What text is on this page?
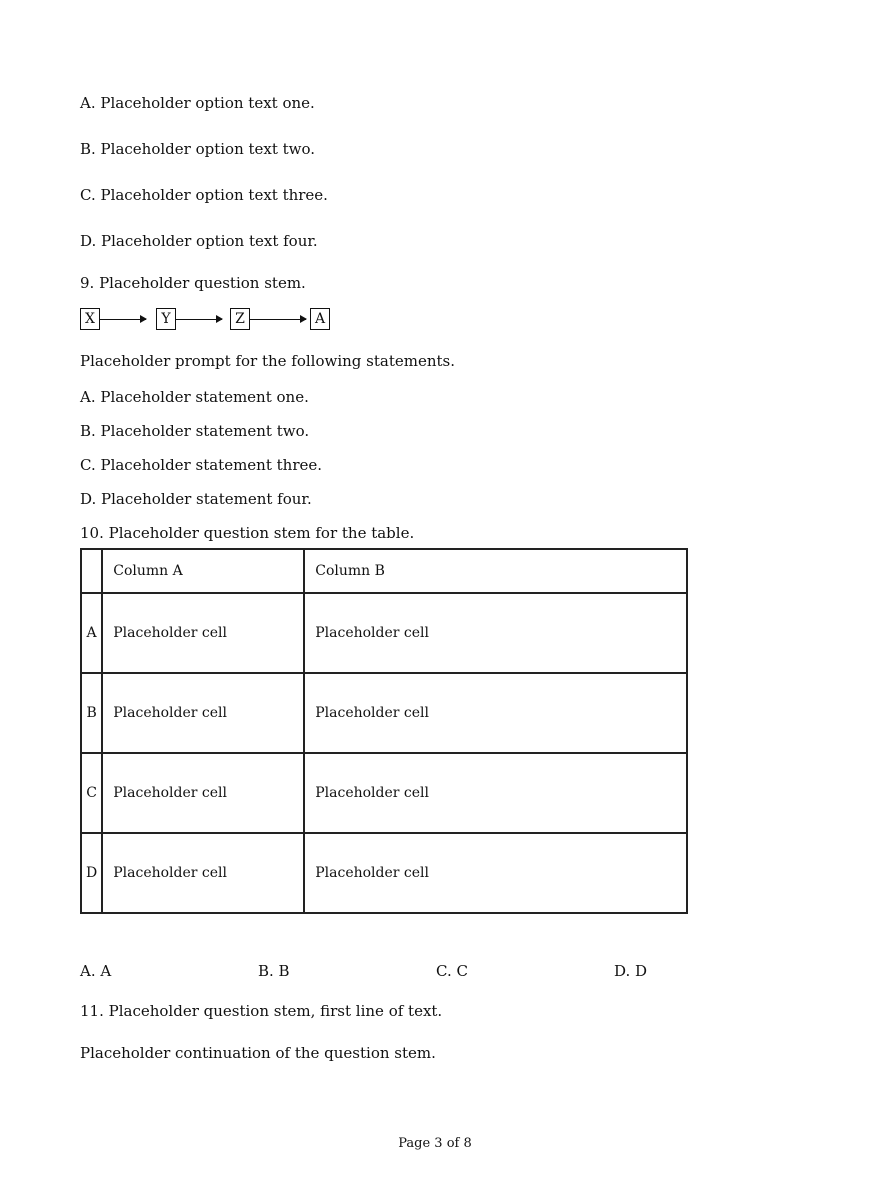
A. Placeholder option text one.
B. Placeholder option text two.
C. Placeholder option text three.
D. Placeholder option text four.
9. Placeholder question stem.
X	Y	Z	A
Placeholder prompt for the following statements.
A. Placeholder statement one.
B. Placeholder statement two.
C. Placeholder statement three.
D. Placeholder statement four.
10. Placeholder question stem for the table.
	Column A	Column B
A	Placeholder cell	Placeholder cell
B	Placeholder cell	Placeholder cell
C	Placeholder cell	Placeholder cell
D	Placeholder cell	Placeholder cell
A. A	B. B	C. C	D. D
11. Placeholder question stem, first line of text.
Placeholder continuation of the question stem.
Page 3 of 8
